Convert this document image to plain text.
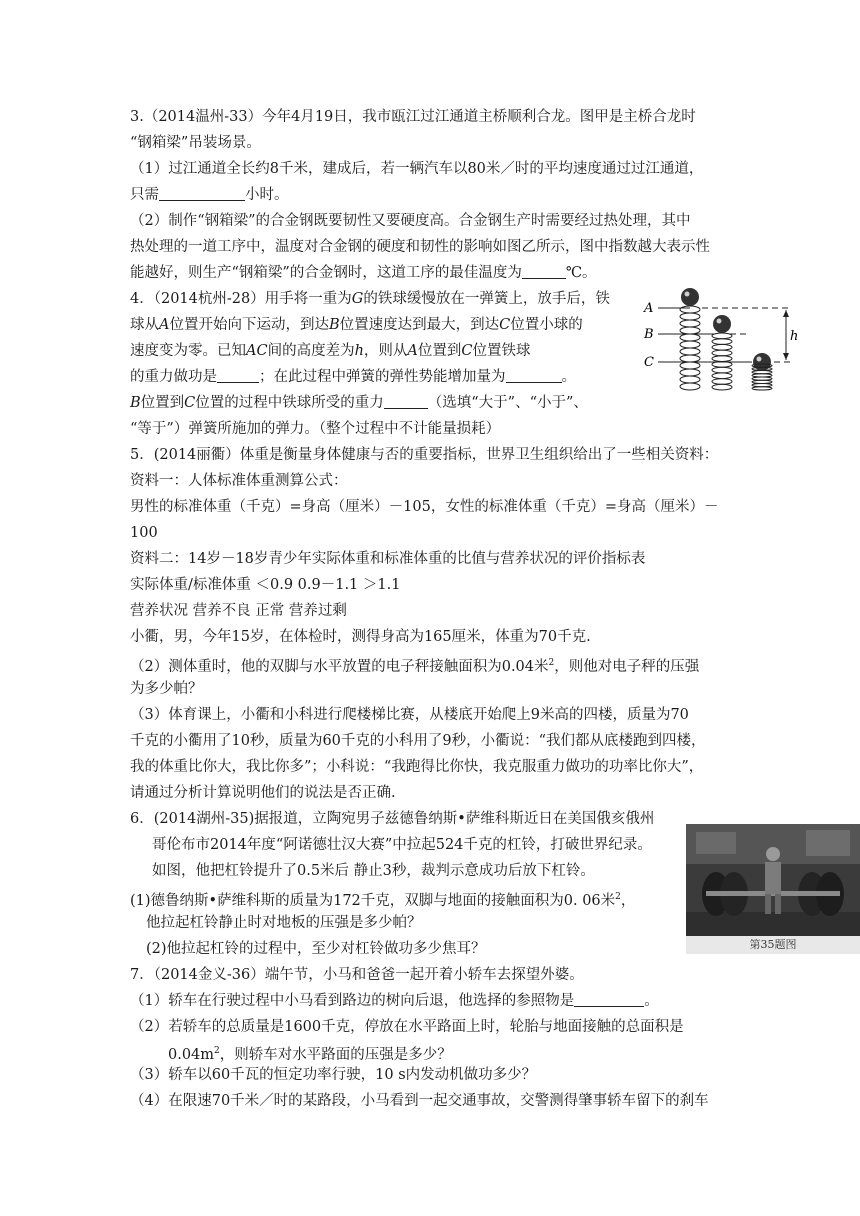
3.（2014温州-33）今年4月19日，我市瓯江过江通道主桥顺利合龙。图甲是主桥合龙时
“钢箱梁”吊装场景。
（1）过江通道全长约8千米，建成后，若一辆汽车以80米／时的平均速度通过过江通道，
只需	小时。
（2）制作“钢箱梁”的合金钢既要韧性又要硬度高。合金钢生产时需要经过热处理，其中
热处理的一道工序中，温度对合金钢的硬度和韧性的影响如图乙所示，图中指数越大表示性
能越好，则生产“钢箱梁”的合金钢时，这道工序的最佳温度为	℃。
4．（2014杭州-28）用手将一重为G的铁球缓慢放在一弹簧上，放手后，铁
球从A位置开始向下运动，到达B位置速度达到最大，到达C位置小球的
速度变为零。已知AC间的高度差为h，则从A位置到C位置铁球
的重力做功是	；在此过程中弹簧的弹性势能增加量为	。
B位置到C位置的过程中铁球所受的重力	（选填“大于”、“小于”、
“等于”）弹簧所施加的弹力。（整个过程中不计能量损耗）
A
B
C
h
5．(2014丽衢）体重是衡量身体健康与否的重要指标，世界卫生组织给出了一些相关资料：
资料一：人体标准体重测算公式：
男性的标准体重（千克）=身高（厘米）－105，女性的标准体重（千克）=身高（厘米）－
100
资料二：14岁－18岁青少年实际体重和标准体重的比值与营养状况的评价指标表
实际体重/标准体重 ＜0.9 0.9－1.1 ＞1.1
营养状况 营养不良 正常 营养过剩
小衢，男，今年15岁，在体检时，测得身高为165厘米，体重为70千克.
（2）测体重时，他的双脚与水平放置的电子秤接触面积为0.04米$^2$，则他对电子秤的压强
为多少帕？
（3）体育课上，小衢和小科进行爬楼梯比赛，从楼底开始爬上9米高的四楼，质量为70
千克的小衢用了10秒，质量为60千克的小科用了9秒，小衢说：“我们都从底楼跑到四楼，
我的体重比你大，我比你多”；小科说：“我跑得比你快，我克服重力做功的功率比你大”，
请通过分析计算说明他们的说法是否正确.
6．(2014湖州-35)据报道，立陶宛男子兹德鲁纳斯•萨维科斯近日在美国俄亥俄州
哥伦布市2014年度“阿诺德壮汉大赛”中拉起524千克的杠铃，打破世界纪录。
如图，他把杠铃提升了0.5米后 静止3秒，裁判示意成功后放下杠铃。
(1)德鲁纳斯•萨维科斯的质量为172千克，双脚与地面的接触面积为0. 06米$^2$，
他拉起杠铃静止时对地板的压强是多少帕？
(2)他拉起杠铃的过程中，至少对杠铃做功多少焦耳？	第35题图
7．（2014金义-36）端午节，小马和爸爸一起开着小轿车去探望外婆。
（1）轿车在行驶过程中小马看到路边的树向后退，他选择的参照物是	。
（2）若轿车的总质量是1600千克，停放在水平路面上时，轮胎与地面接触的总面积是
$0.04m^2$，则轿车对水平路面的压强是多少？
（3）轿车以60千瓦的恒定功率行驶，10 s内发动机做功多少？
（4）在限速70千米／时的某路段，小马看到一起交通事故，交警测得肇事轿车留下的刹车
